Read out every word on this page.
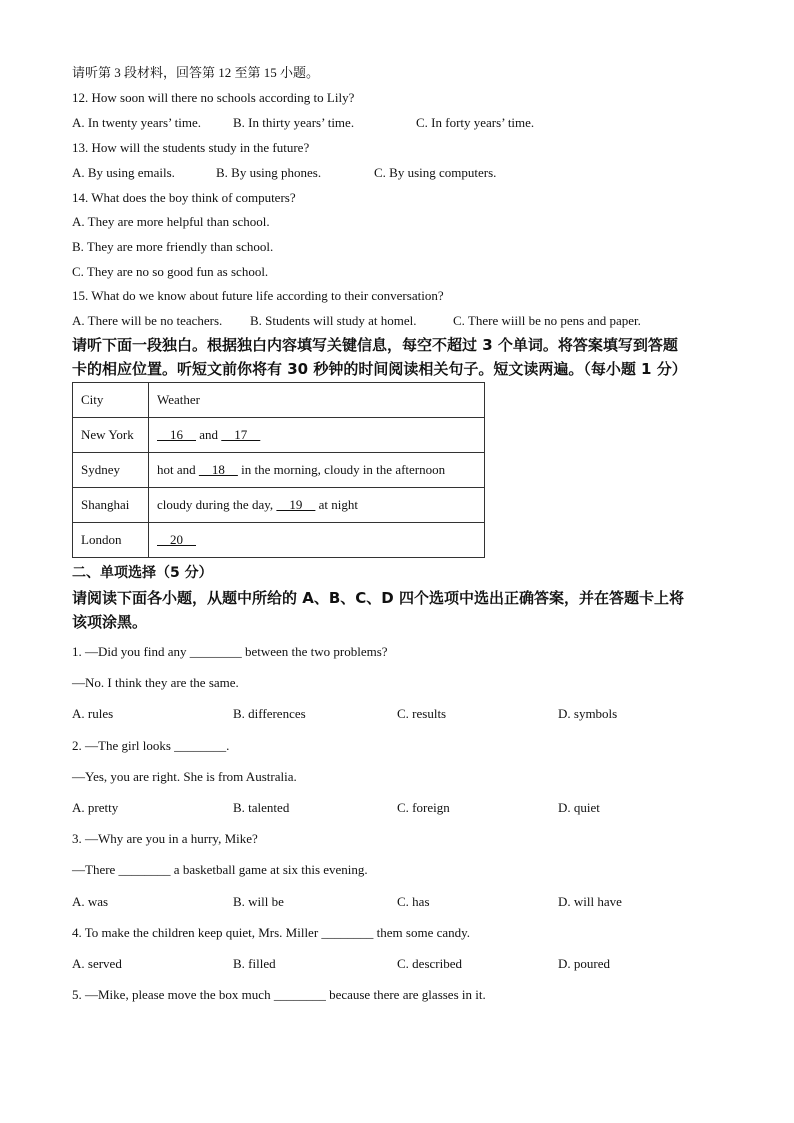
请听第 3 段材料，回答第 12 至第 15 小题。
12. How soon will there no schools according to Lily?
A. In twenty years’ time. B. In thirty years’ time.	C. In forty years’ time.
13. How will the students study in the future?
A. By using emails.	B. By using phones.	C. By using computers.
14. What does the boy think of computers?
A. They are more helpful than school.
B. They are more friendly than school.
C. They are no so good fun as school.
15. What do we know about future life according to their conversation?
A. There will be no teachers. B. Students will study at homel.	C. There wiill be no pens and paper.
请听下面一段独白。根据独白内容填写关键信息，每空不超过 3 个单词。将答案填写到答题
卡的相应位置。听短文前你将有 30 秒钟的时间阅读相关句子。短文读两遍。（每小题 1 分）
City	Weather
New York	16     and     17
Sydney	hot and     18     in the morning, cloudy in the afternoon
Shanghai	cloudy during the day,     19     at night
London	20
二、单项选择（5 分）
请阅读下面各小题，从题中所给的 A、B、C、D 四个选项中选出正确答案，并在答题卡上将
该项涂黑。
1. —Did you find any ________ between the two problems?
—No. I think they are the same.
A. rules	B. differences	C. results	D. symbols
2. —The girl looks ________.
—Yes, you are right. She is from Australia.
A. pretty	B. talented	C. foreign	D. quiet
3. —Why are you in a hurry, Mike?
—There ________ a basketball game at six this evening.
A. was	B. will be	C. has	D. will have
4. To make the children keep quiet, Mrs. Miller ________ them some candy.
A. served	B. filled	C. described	D. poured
5. —Mike, please move the box much ________ because there are glasses in it.
